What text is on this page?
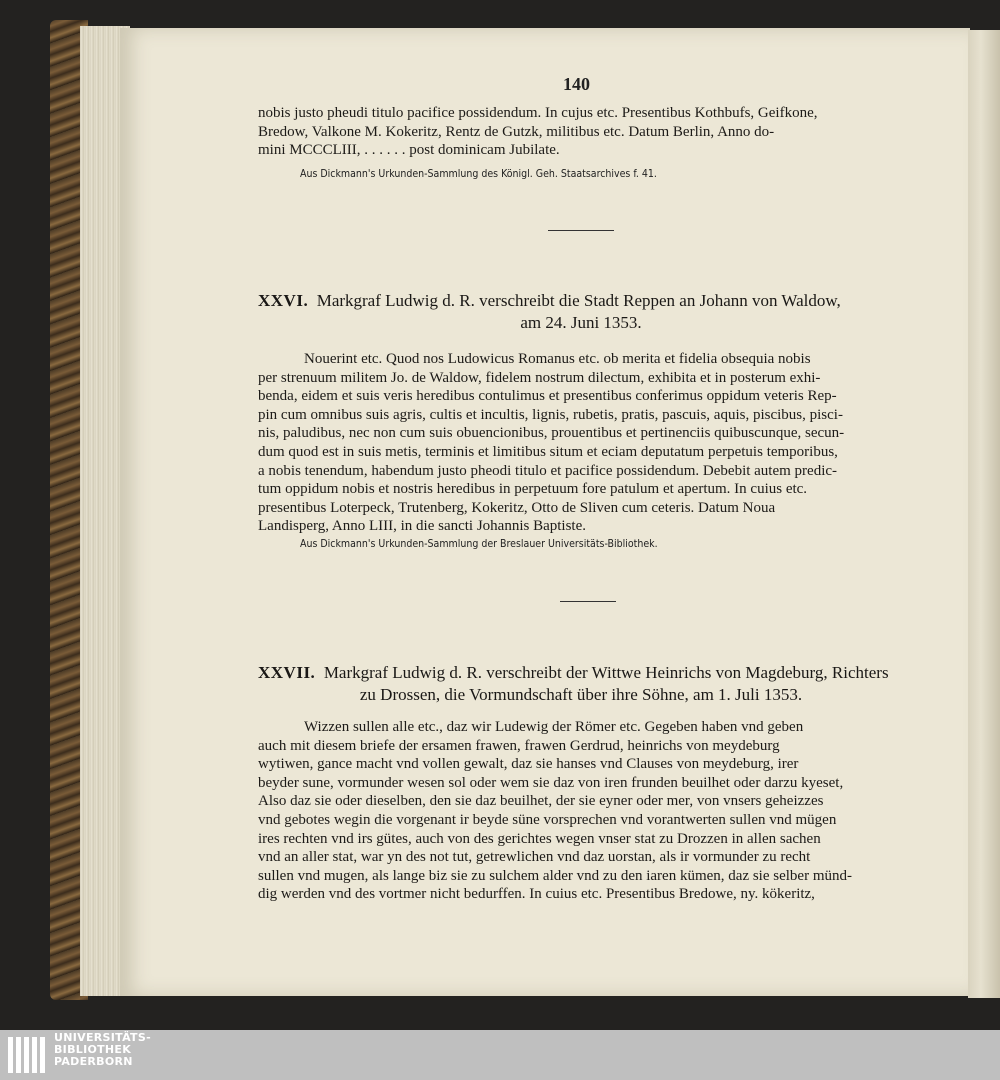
140

nobis justo pheudi titulo pacifice possidendum. In cujus etc. Presentibus Kothbufs, Geifkone,

Bredow, Valkone M. Kokeritz, Rentz de Gutzk, militibus etc. Datum Berlin, Anno do-

mini MCCCLIII, . . . . . . post dominicam Jubilate.

Aus Dickmann's Urkunden-Sammlung des Königl. Geh. Staatsarchives f. 41.
XXVI. Markgraf Ludwig d. R. verschreibt die Stadt Reppen an Johann von Waldow,
am 24. Juni 1353.

Nouerint etc. Quod nos Ludowicus Romanus etc. ob merita et fidelia obsequia nobis

per strenuum militem Jo. de Waldow, fidelem nostrum dilectum, exhibita et in posterum exhi-

benda, eidem et suis veris heredibus contulimus et presentibus conferimus oppidum veteris Rep-

pin cum omnibus suis agris, cultis et incultis, lignis, rubetis, pratis, pascuis, aquis, piscibus, pisci-

nis, paludibus, nec non cum suis obuencionibus, prouentibus et pertinenciis quibuscunque, secun-

dum quod est in suis metis, terminis et limitibus situm et eciam deputatum perpetuis temporibus,

a nobis tenendum, habendum justo pheodi titulo et pacifice possidendum. Debebit autem predic-

tum oppidum nobis et nostris heredibus in perpetuum fore patulum et apertum. In cuius etc.

presentibus Loterpeck, Trutenberg, Kokeritz, Otto de Sliven cum ceteris. Datum Noua

Landisperg, Anno LIII, in die sancti Johannis Baptiste.

Aus Dickmann's Urkunden-Sammlung der Breslauer Universitäts-Bibliothek.
XXVII. Markgraf Ludwig d. R. verschreibt der Wittwe Heinrichs von Magdeburg, Richters
zu Drossen, die Vormundschaft über ihre Söhne, am 1. Juli 1353.

Wizzen sullen alle etc., daz wir Ludewig der Römer etc. Gegeben haben vnd geben

auch mit diesem briefe der ersamen frawen, frawen Gerdrud, heinrichs von meydeburg

wytiwen, gance macht vnd vollen gewalt, daz sie hanses vnd Clauses von meydeburg, irer

beyder sune, vormunder wesen sol oder wem sie daz von iren frunden beuilhet oder darzu kyeset,

Also daz sie oder dieselben, den sie daz beuilhet, der sie eyner oder mer, von vnsers geheizzes

vnd gebotes wegin die vorgenant ir beyde süne vorsprechen vnd vorantwerten sullen vnd mügen

ires rechten vnd irs gütes, auch von des gerichtes wegen vnser stat zu Drozzen in allen sachen

vnd an aller stat, war yn des not tut, getrewlichen vnd daz uorstan, als ir vormunder zu recht

sullen vnd mugen, als lange biz sie zu sulchem alder vnd zu den iaren kümen, daz sie selber münd-

dig werden vnd des vortmer nicht bedurffen. In cuius etc. Presentibus Bredowe, ny. kökeritz,

UNIVERSITÄTS-
BIBLIOTHEK
PADERBORN
